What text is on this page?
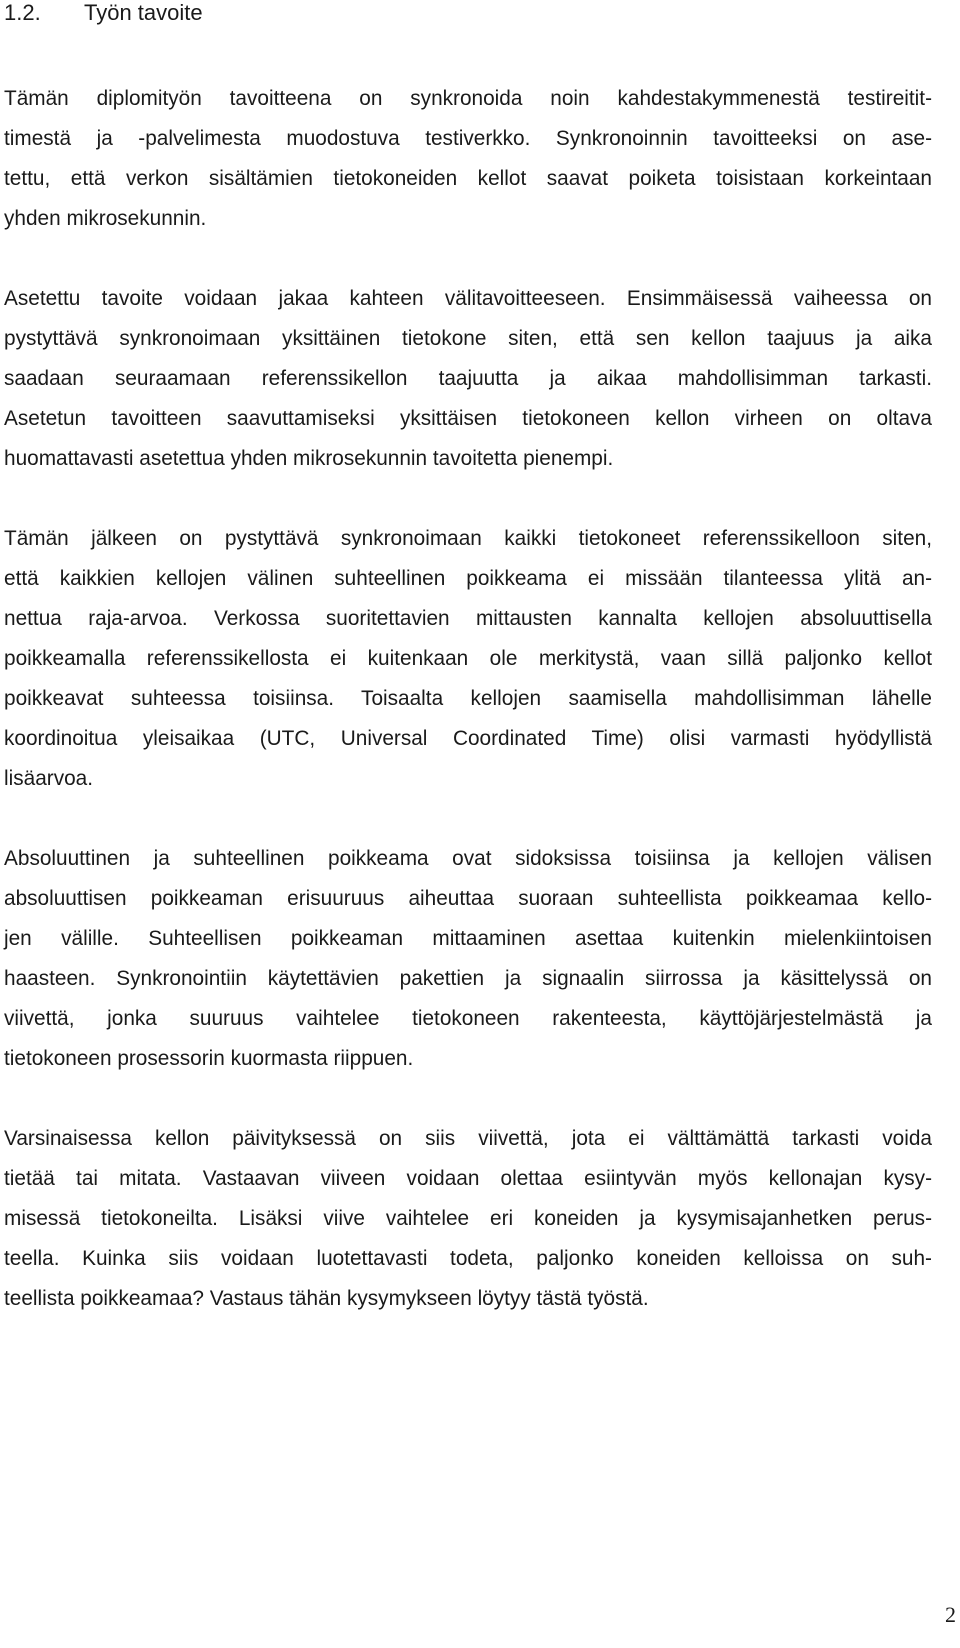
1.2. Työn tavoite

Tämän diplomityön tavoitteena on synkronoida noin kahdestakymmenestä testireitit-
timestä ja -palvelimesta muodostuva testiverkko. Synkronoinnin tavoitteeksi on ase-
tettu, että verkon sisältämien tietokoneiden kellot saavat poiketa toisistaan korkeintaan
yhden mikrosekunnin.

Asetettu tavoite voidaan jakaa kahteen välitavoitteeseen. Ensimmäisessä vaiheessa on
pystyttävä synkronoimaan yksittäinen tietokone siten, että sen kellon taajuus ja aika
saadaan seuraamaan referenssikellon taajuutta ja aikaa mahdollisimman tarkasti.
Asetetun tavoitteen saavuttamiseksi yksittäisen tietokoneen kellon virheen on oltava
huomattavasti asetettua yhden mikrosekunnin tavoitetta pienempi.

Tämän jälkeen on pystyttävä synkronoimaan kaikki tietokoneet referenssikelloon siten,
että kaikkien kellojen välinen suhteellinen poikkeama ei missään tilanteessa ylitä an-
nettua raja-arvoa. Verkossa suoritettavien mittausten kannalta kellojen absoluuttisella
poikkeamalla referenssikellosta ei kuitenkaan ole merkitystä, vaan sillä paljonko kellot
poikkeavat suhteessa toisiinsa. Toisaalta kellojen saamisella mahdollisimman lähelle
koordinoitua yleisaikaa (UTC, Universal Coordinated Time) olisi varmasti hyödyllistä
lisäarvoa.

Absoluuttinen ja suhteellinen poikkeama ovat sidoksissa toisiinsa ja kellojen välisen
absoluuttisen poikkeaman erisuuruus aiheuttaa suoraan suhteellista poikkeamaa kello-
jen välille. Suhteellisen poikkeaman mittaaminen asettaa kuitenkin mielenkiintoisen
haasteen. Synkronointiin käytettävien pakettien ja signaalin siirrossa ja käsittelyssä on
viivettä, jonka suuruus vaihtelee tietokoneen rakenteesta, käyttöjärjestelmästä ja
tietokoneen prosessorin kuormasta riippuen.

Varsinaisessa kellon päivityksessä on siis viivettä, jota ei välttämättä tarkasti voida
tietää tai mitata. Vastaavan viiveen voidaan olettaa esiintyvän myös kellonajan kysy-
misessä tietokoneilta. Lisäksi viive vaihtelee eri koneiden ja kysymisajanhetken perus-
teella. Kuinka siis voidaan luotettavasti todeta, paljonko koneiden kelloissa on suh-
teellista poikkeamaa? Vastaus tähän kysymykseen löytyy tästä työstä.

2
